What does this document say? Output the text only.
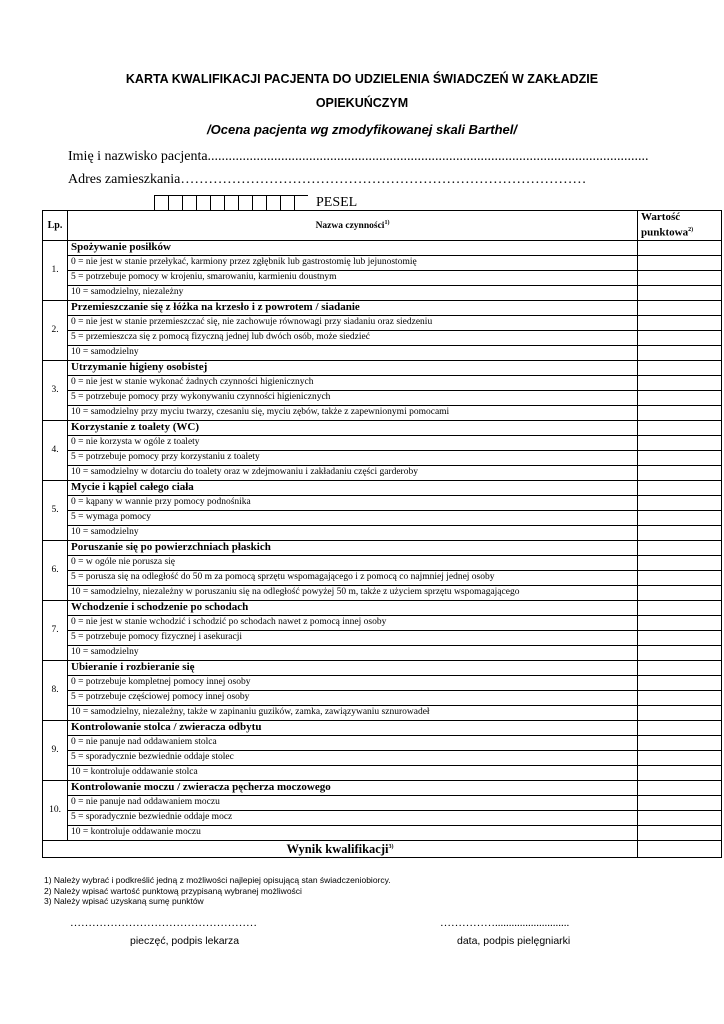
KARTA KWALIFIKACJI PACJENTA DO UDZIELENIA ŚWIADCZEŃ W ZAKŁADZIE
OPIEKUŃCZYM
/Ocena pacjenta wg zmodyfikowanej skali Barthel/
Imię i nazwisko pacjenta..............................................................................................................................
Adres zamieszkania……………………………………………………………………………
PESEL
Lp.	Nazwa czynności$^{1)}$	Wartość
punktowa$^{2)}$
1.	Spożywanie posiłków	
	0 = nie jest w stanie przełykać, karmiony przez zgłębnik lub gastrostomię lub jejunostomię	
	5 = potrzebuje pomocy w krojeniu, smarowaniu, karmieniu doustnym	
	10 = samodzielny, niezależny	
2.	Przemieszczanie się z łóżka na krzesło i z powrotem / siadanie	
	0 = nie jest w stanie przemieszczać się, nie zachowuje równowagi przy siadaniu oraz siedzeniu	
	5 = przemieszcza się z pomocą fizyczną jednej lub dwóch osób, może siedzieć	
	10 = samodzielny	
3.	Utrzymanie higieny osobistej	
	0 = nie jest w stanie wykonać żadnych czynności higienicznych	
	5 = potrzebuje pomocy przy wykonywaniu czynności higienicznych	
	10 = samodzielny przy myciu twarzy, czesaniu się, myciu zębów, także z zapewnionymi pomocami	
4.	Korzystanie z toalety (WC)	
	0 = nie korzysta w ogóle z toalety	
	5 = potrzebuje pomocy przy korzystaniu z toalety	
	10 = samodzielny w dotarciu do toalety oraz w zdejmowaniu i zakładaniu części garderoby	
5.	Mycie i kąpiel całego ciała	
	0 = kąpany w wannie przy pomocy podnośnika	
	5 = wymaga pomocy	
	10 = samodzielny	
6.	Poruszanie się po powierzchniach płaskich	
	0 = w ogóle nie porusza się	
	5 = porusza się na odległość do 50 m za pomocą sprzętu wspomagającego i z pomocą co najmniej jednej osoby	
	10 = samodzielny, niezależny w poruszaniu się na odległość powyżej 50 m, także z użyciem sprzętu wspomagającego	
7.	Wchodzenie i schodzenie po schodach	
	0 = nie jest w stanie wchodzić i schodzić po schodach nawet z pomocą innej osoby	
	5 = potrzebuje pomocy fizycznej i asekuracji	
	10 = samodzielny	
8.	Ubieranie i rozbieranie się	
	0 = potrzebuje kompletnej pomocy innej osoby	
	5 = potrzebuje częściowej pomocy innej osoby	
	10 = samodzielny, niezależny, także w zapinaniu guzików, zamka, zawiązywaniu sznurowadeł	
9.	Kontrolowanie stolca / zwieracza odbytu	
	0 = nie panuje nad oddawaniem stolca	
	5 = sporadycznie bezwiednie oddaje stolec	
	10 = kontroluje oddawanie stolca	
10.	Kontrolowanie moczu / zwieracza pęcherza moczowego	
	0 = nie panuje nad oddawaniem moczu	
	5 = sporadycznie bezwiednie oddaje mocz	
	10 = kontroluje oddawanie moczu	
Wynik kwalifikacji$^{3)}$	
1) Należy wybrać i podkreślić jedną z możliwości najlepiej opisującą stan świadczeniobiorcy.
2) Należy wpisać wartość punktową przypisaną wybranej możliwości
3) Należy wpisać uzyskaną sumę punktów
……………………………………………	……………...........................
pieczęć, podpis lekarza	data, podpis pielęgniarki
